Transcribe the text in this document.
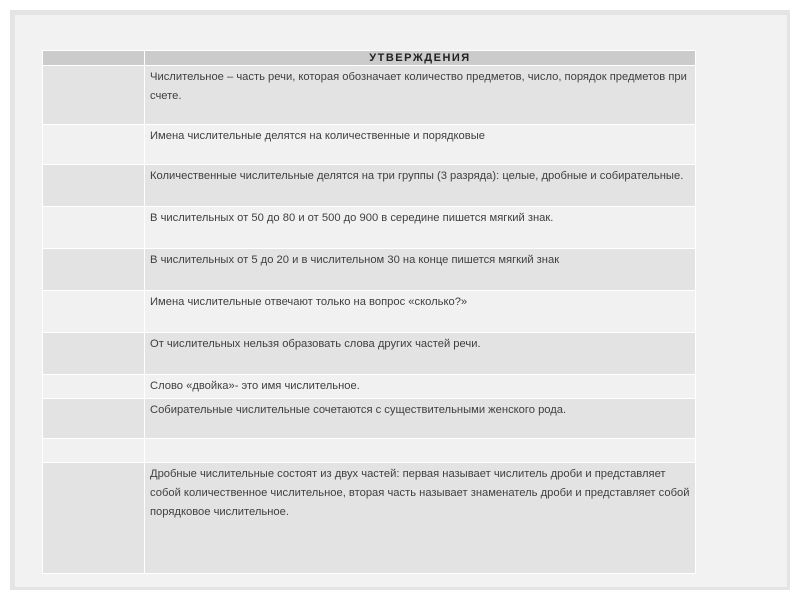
	УТВЕРЖДЕНИЯ
	Числительное – часть речи, которая обозначает количество предметов, число, порядок предметов при счете.
	Имена числительные делятся на количественные и порядковые
	Количественные числительные делятся на три группы (3 разряда): целые, дробные и собирательные.
	В числительных от 50 до 80 и от 500 до 900 в середине пишется мягкий знак.
	В числительных от 5 до 20 и в числительном 30 на конце пишется мягкий знак
	Имена числительные отвечают только на вопрос «сколько?»
	От числительных нельзя образовать слова других частей речи.
	Слово «двойка»- это имя числительное.
	Собирательные числительные сочетаются с существительными женского рода.

	Дробные числительные состоят из двух частей: первая называет числитель дроби и представляет собой количественное числительное, вторая часть называет знаменатель дроби и представляет собой порядковое числительное.
